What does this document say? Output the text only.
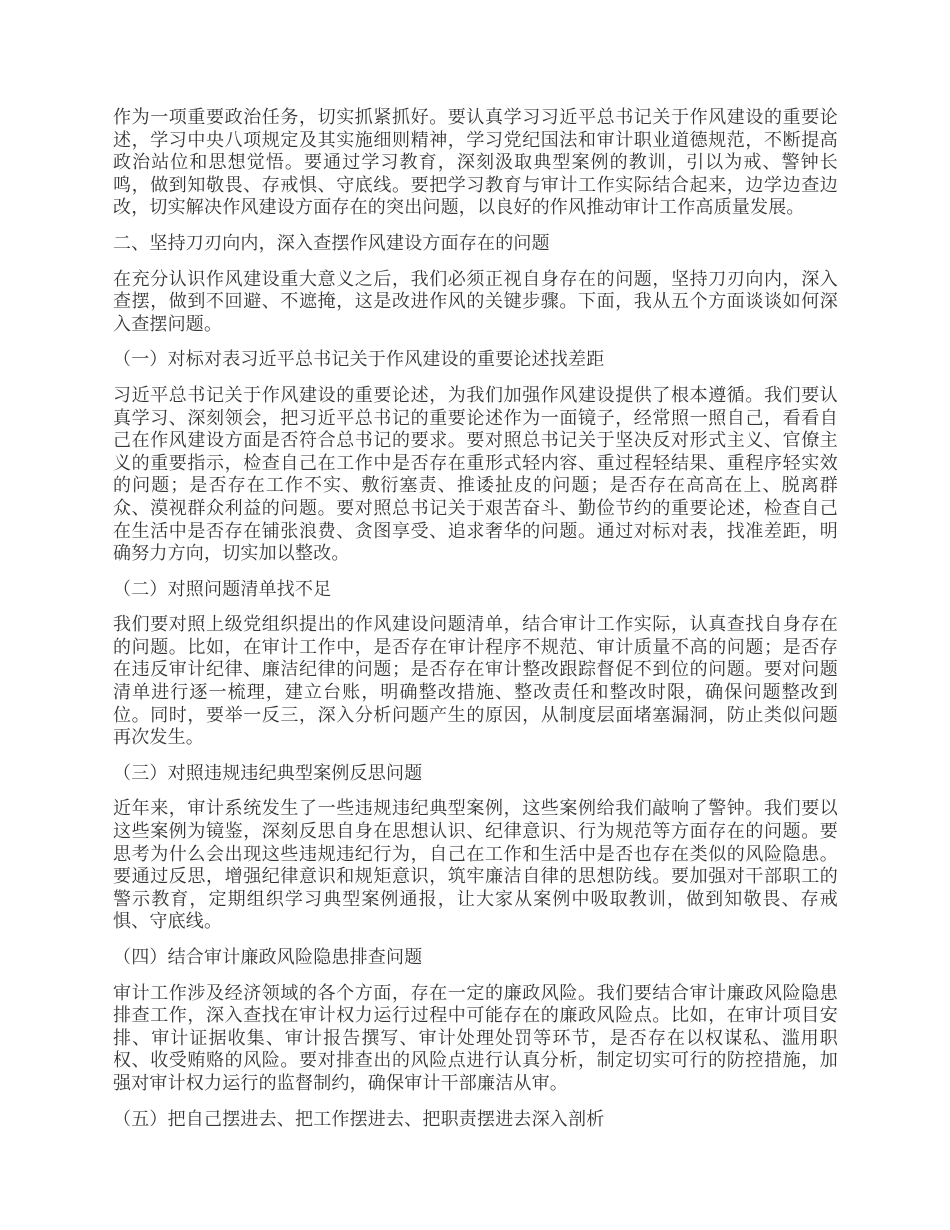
作为一项重要政治任务，切实抓紧抓好。要认真学习习近平总书记关于作风建设的重要论述，学习中央八项规定及其实施细则精神，学习党纪国法和审计职业道德规范，不断提高政治站位和思想觉悟。要通过学习教育，深刻汲取典型案例的教训，引以为戒、警钟长鸣，做到知敬畏、存戒惧、守底线。要把学习教育与审计工作实际结合起来，边学边查边改，切实解决作风建设方面存在的突出问题，以良好的作风推动审计工作高质量发展。

二、坚持刀刃向内，深入查摆作风建设方面存在的问题

在充分认识作风建设重大意义之后，我们必须正视自身存在的问题，坚持刀刃向内，深入查摆，做到不回避、不遮掩，这是改进作风的关键步骤。下面，我从五个方面谈谈如何深入查摆问题。

（一）对标对表习近平总书记关于作风建设的重要论述找差距

习近平总书记关于作风建设的重要论述，为我们加强作风建设提供了根本遵循。我们要认真学习、深刻领会，把习近平总书记的重要论述作为一面镜子，经常照一照自己，看看自己在作风建设方面是否符合总书记的要求。要对照总书记关于坚决反对形式主义、官僚主义的重要指示，检查自己在工作中是否存在重形式轻内容、重过程轻结果、重程序轻实效的问题；是否存在工作不实、敷衍塞责、推诿扯皮的问题；是否存在高高在上、脱离群众、漠视群众利益的问题。要对照总书记关于艰苦奋斗、勤俭节约的重要论述，检查自己在生活中是否存在铺张浪费、贪图享受、追求奢华的问题。通过对标对表，找准差距，明确努力方向，切实加以整改。

（二）对照问题清单找不足

我们要对照上级党组织提出的作风建设问题清单，结合审计工作实际，认真查找自身存在的问题。比如，在审计工作中，是否存在审计程序不规范、审计质量不高的问题；是否存在违反审计纪律、廉洁纪律的问题；是否存在审计整改跟踪督促不到位的问题。要对问题清单进行逐一梳理，建立台账，明确整改措施、整改责任和整改时限，确保问题整改到位。同时，要举一反三，深入分析问题产生的原因，从制度层面堵塞漏洞，防止类似问题再次发生。

（三）对照违规违纪典型案例反思问题

近年来，审计系统发生了一些违规违纪典型案例，这些案例给我们敲响了警钟。我们要以这些案例为镜鉴，深刻反思自身在思想认识、纪律意识、行为规范等方面存在的问题。要思考为什么会出现这些违规违纪行为，自己在工作和生活中是否也存在类似的风险隐患。要通过反思，增强纪律意识和规矩意识，筑牢廉洁自律的思想防线。要加强对干部职工的警示教育，定期组织学习典型案例通报，让大家从案例中吸取教训，做到知敬畏、存戒惧、守底线。

（四）结合审计廉政风险隐患排查问题

审计工作涉及经济领域的各个方面，存在一定的廉政风险。我们要结合审计廉政风险隐患排查工作，深入查找在审计权力运行过程中可能存在的廉政风险点。比如，在审计项目安排、审计证据收集、审计报告撰写、审计处理处罚等环节，是否存在以权谋私、滥用职权、收受贿赂的风险。要对排查出的风险点进行认真分析，制定切实可行的防控措施，加强对审计权力运行的监督制约，确保审计干部廉洁从审。

（五）把自己摆进去、把工作摆进去、把职责摆进去深入剖析
